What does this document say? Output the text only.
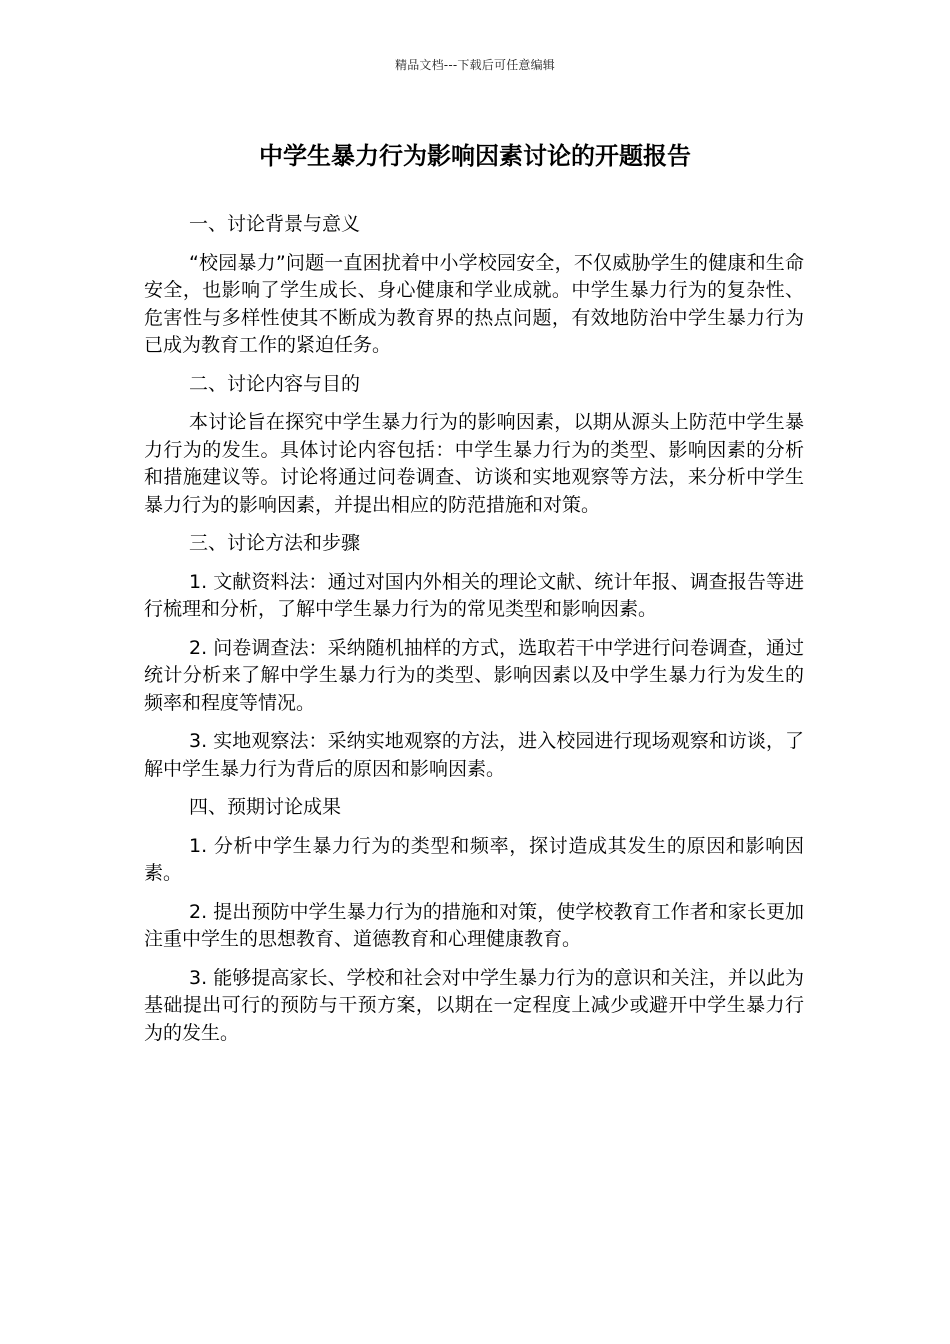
精品文档---下载后可任意编辑
中学生暴力行为影响因素讨论的开题报告

一、讨论背景与意义

“校园暴力”问题一直困扰着中小学校园安全，不仅威胁学生的健康和生命安全，也影响了学生成长、身心健康和学业成就。中学生暴力行为的复杂性、危害性与多样性使其不断成为教育界的热点问题，有效地防治中学生暴力行为已成为教育工作的紧迫任务。

二、讨论内容与目的

本讨论旨在探究中学生暴力行为的影响因素，以期从源头上防范中学生暴力行为的发生。具体讨论内容包括：中学生暴力行为的类型、影响因素的分析和措施建议等。讨论将通过问卷调查、访谈和实地观察等方法，来分析中学生暴力行为的影响因素，并提出相应的防范措施和对策。

三、讨论方法和步骤

1. 文献资料法：通过对国内外相关的理论文献、统计年报、调查报告等进行梳理和分析，了解中学生暴力行为的常见类型和影响因素。

2. 问卷调查法：采纳随机抽样的方式，选取若干中学进行问卷调查，通过统计分析来了解中学生暴力行为的类型、影响因素以及中学生暴力行为发生的频率和程度等情况。

3. 实地观察法：采纳实地观察的方法，进入校园进行现场观察和访谈，了解中学生暴力行为背后的原因和影响因素。

四、预期讨论成果

1. 分析中学生暴力行为的类型和频率，探讨造成其发生的原因和影响因素。

2. 提出预防中学生暴力行为的措施和对策，使学校教育工作者和家长更加注重中学生的思想教育、道德教育和心理健康教育。

3. 能够提高家长、学校和社会对中学生暴力行为的意识和关注，并以此为基础提出可行的预防与干预方案，以期在一定程度上减少或避开中学生暴力行为的发生。
